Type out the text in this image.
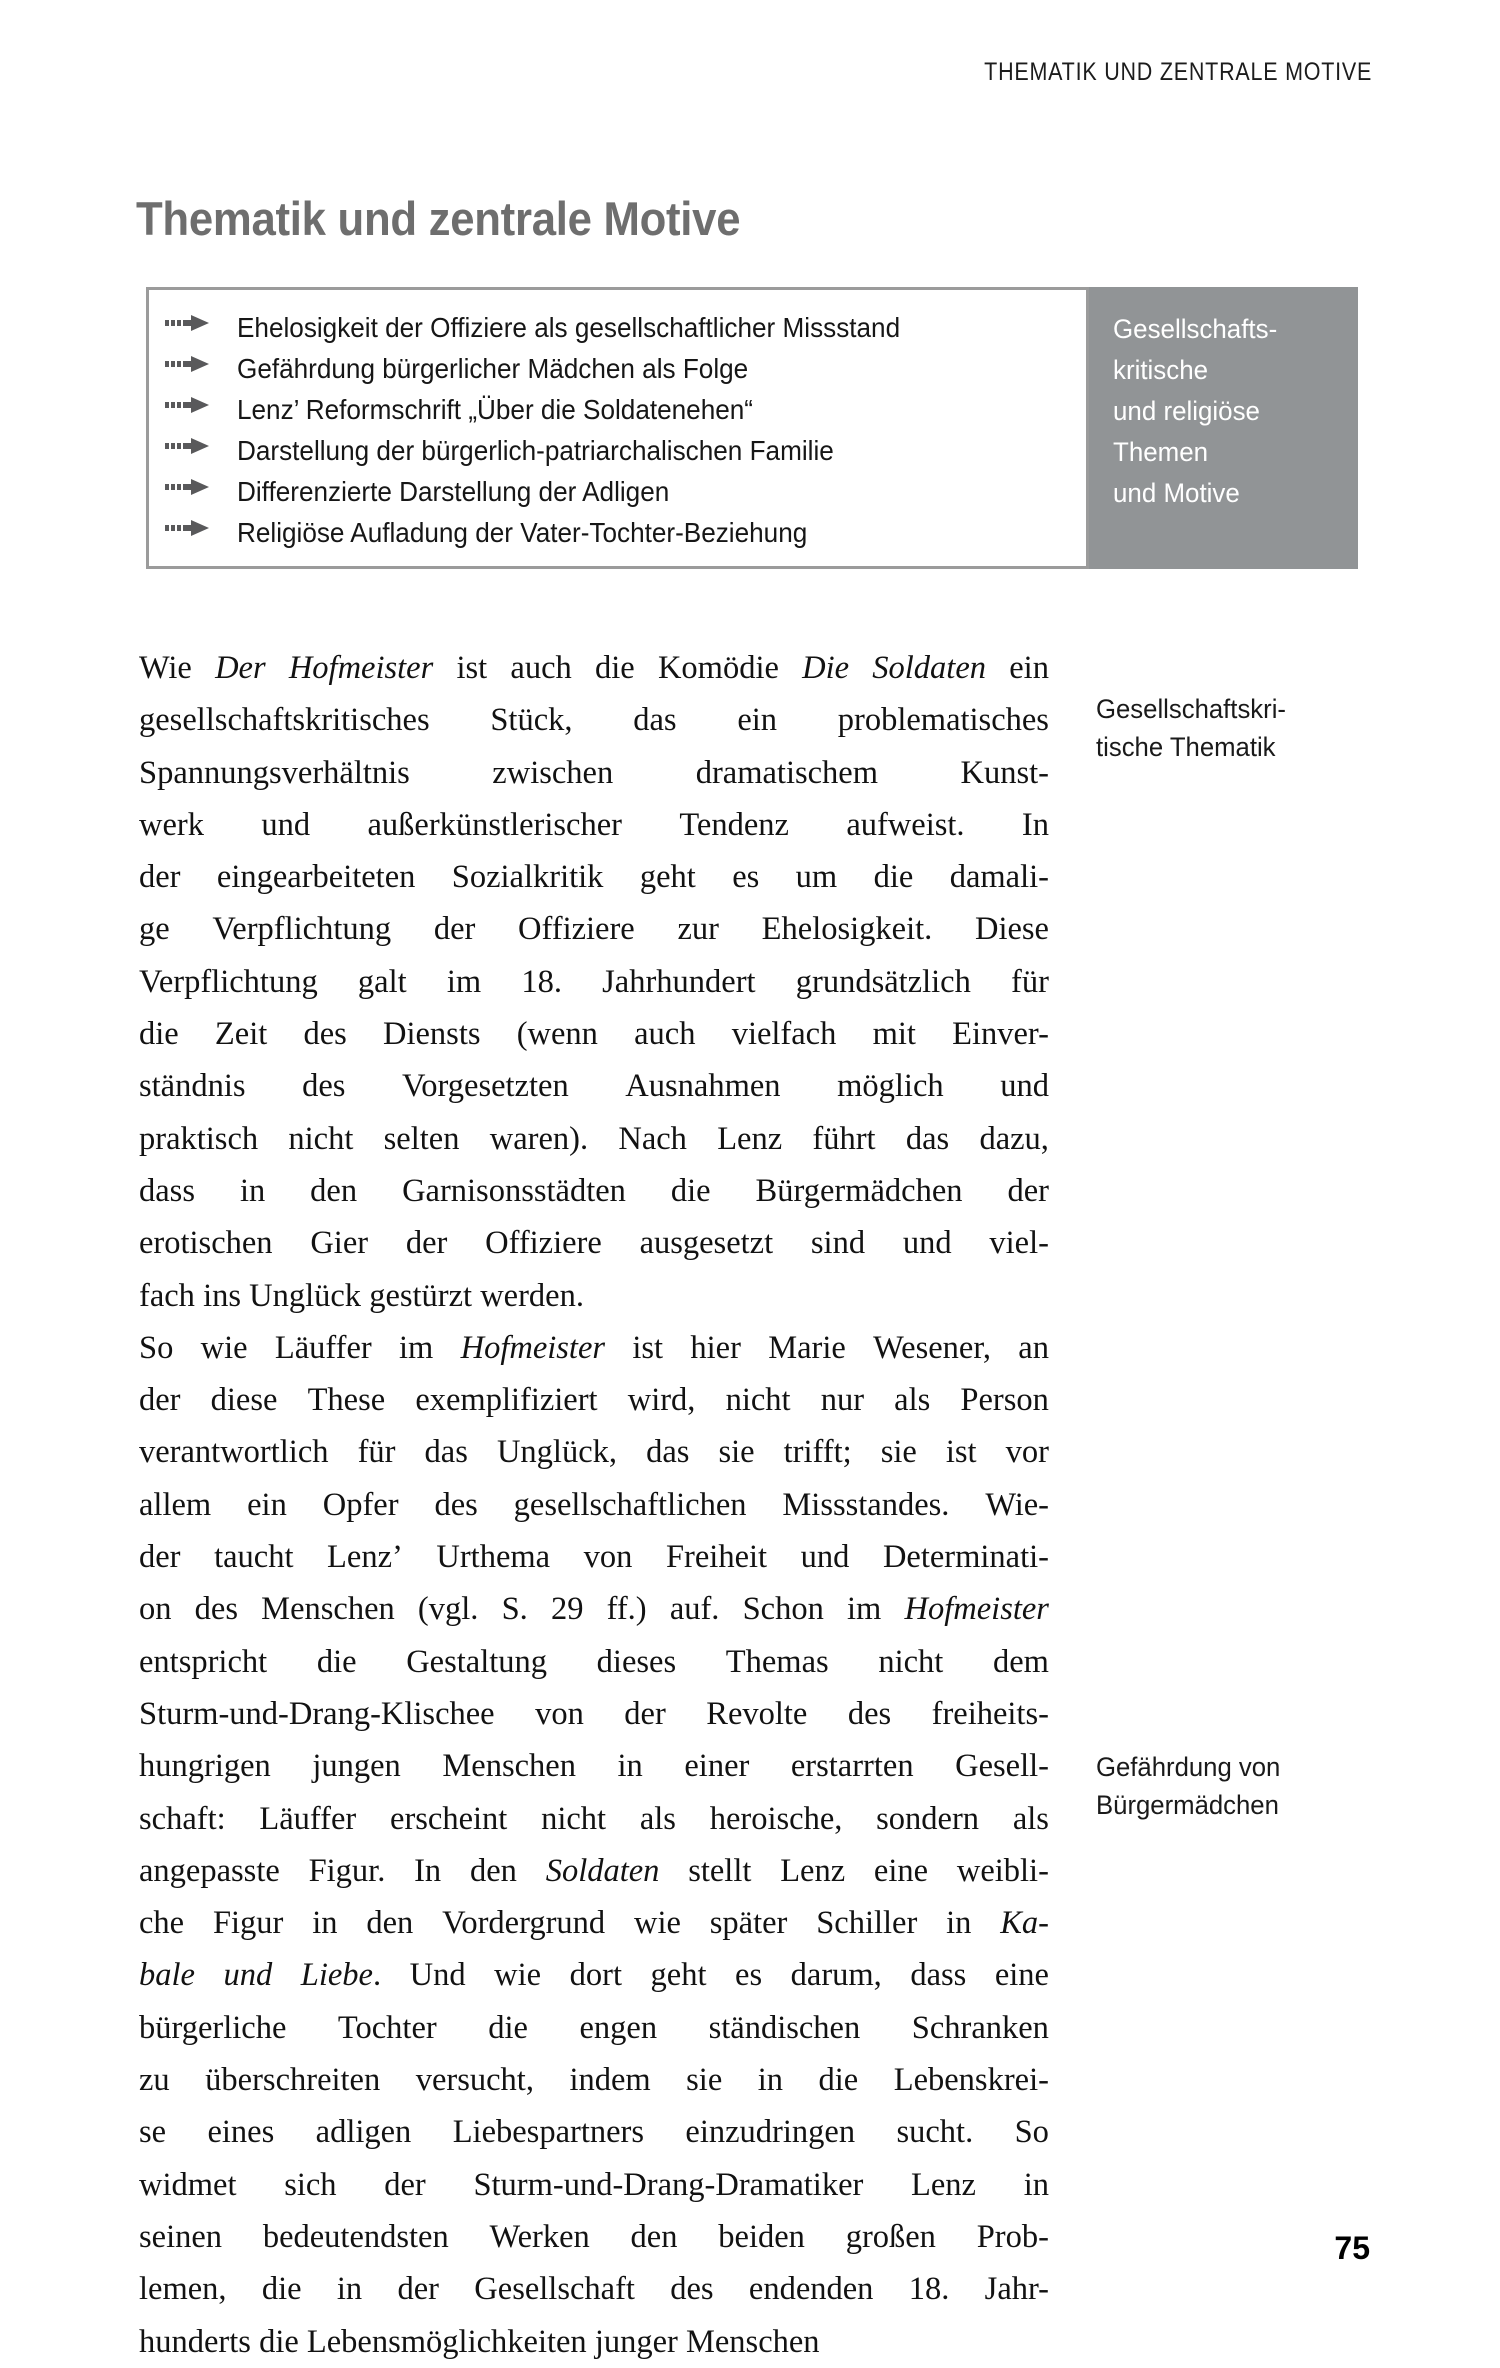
THEMATIK UND ZENTRALE MOTIVE
Thematik und zentrale Motive
Ehelosigkeit der Offiziere als gesellschaftlicher Missstand
Gefährdung bürgerlicher Mädchen als Folge
Lenz’ Reformschrift „Über die Soldatenehen“
Darstellung der bürgerlich-patriarchalischen Familie
Differenzierte Darstellung der Adligen
Religiöse Aufladung der Vater-Tochter-Beziehung
Gesellschafts-
kritische
und religiöse
Themen
und Motive

Wie Der Hofmeister ist auch die Komödie Die Soldaten ein
gesellschaftskritisches Stück, das ein problematisches
Spannungsverhältnis	zwischen	dramatischem	Kunst-
werk und außerkünstlerischer Tendenz aufweist. In
der eingearbeiteten Sozialkritik geht es um die damali-
ge Verpflichtung der Offiziere zur Ehelosigkeit. Diese
Verpflichtung galt im 18. Jahrhundert grundsätzlich für
die Zeit des Diensts (wenn auch vielfach mit Einver-
ständnis des Vorgesetzten Ausnahmen möglich und
praktisch nicht selten waren). Nach Lenz führt das dazu,
dass in den Garnisonsstädten die Bürgermädchen der
erotischen Gier der Offiziere ausgesetzt sind und viel-
fach ins Unglück gestürzt werden.

So wie Läuffer im Hofmeister ist hier Marie Wesener, an
der diese These exemplifiziert wird, nicht nur als Person
verantwortlich für das Unglück, das sie trifft; sie ist vor
allem ein Opfer des gesellschaftlichen Missstandes. Wie-
der taucht Lenz’ Urthema von Freiheit und Determinati-
on des Menschen (vgl. S. 29 ff.) auf. Schon im Hofmeister
entspricht die Gestaltung dieses Themas nicht dem
Sturm-und-Drang-Klischee von der Revolte des freiheits-
hungrigen jungen Menschen in einer erstarrten Gesell-
schaft: Läuffer erscheint nicht als heroische, sondern als
angepasste Figur. In den Soldaten stellt Lenz eine weibli-
che Figur in den Vordergrund wie später Schiller in Ka-
bale und Liebe. Und wie dort geht es darum, dass eine
bürgerliche Tochter die engen ständischen Schranken
zu überschreiten versucht, indem sie in die Lebenskrei-
se eines adligen Liebespartners einzudringen sucht. So
widmet sich der Sturm-und-Drang-Dramatiker Lenz in
seinen bedeutendsten Werken den beiden großen Prob-
lemen, die in der Gesellschaft des endenden 18. Jahr-
hunderts die Lebensmöglichkeiten junger Menschen

Gesellschaftskri-
tische Thematik
Gefährdung von
Bürgermädchen
75
